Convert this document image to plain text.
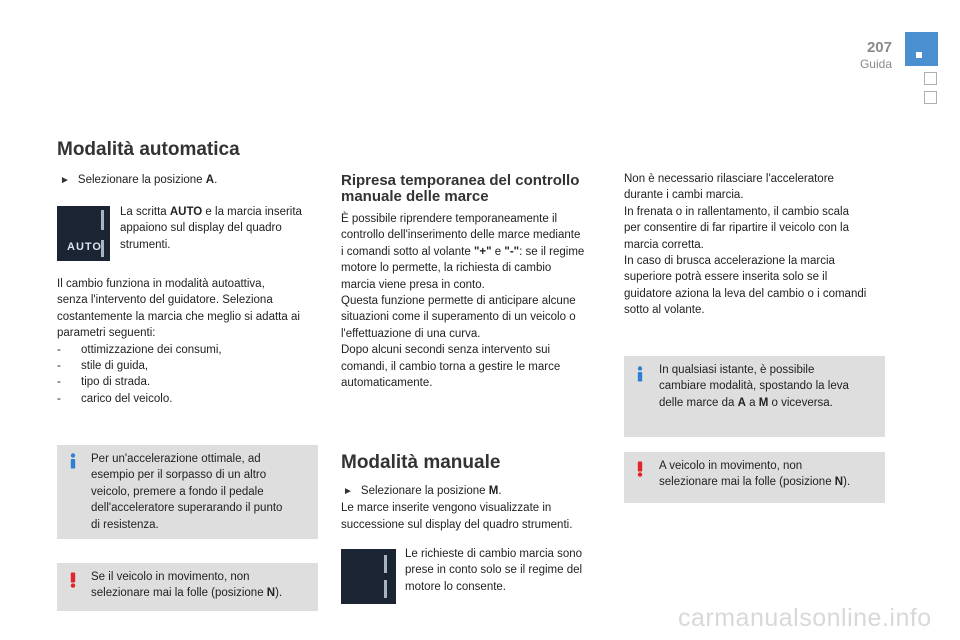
207
Guida
Modalità automatica
► Selezionare la posizione A.
AUTO

La scritta AUTO e la marcia inserita

appaiono sul display del quadro

strumenti.

Il cambio funziona in modalità autoattiva,

senza l'intervento del guidatore. Seleziona

costantemente la marcia che meglio si adatta ai

parametri seguenti:

- ottimizzazione dei consumi,

- stile di guida,

- tipo di strada.

- carico del veicolo.

Per un'accelerazione ottimale, ad

esempio per il sorpasso di un altro

veicolo, premere a fondo il pedale

dell'acceleratore superarando il punto

di resistenza.

Se il veicolo in movimento, non

selezionare mai la folle (posizione N).

Ripresa temporanea del controllo
manuale delle marce

È possibile riprendere temporaneamente il

controllo dell'inserimento delle marce mediante

i comandi sotto al volante "+" e "-": se il regime

motore lo permette, la richiesta di cambio

marcia viene presa in conto.

Questa funzione permette di anticipare alcune

situazioni come il superamento di un veicolo o

l'effettuazione di una curva.

Dopo alcuni secondi senza intervento sui

comandi, il cambio torna a gestire le marce

automaticamente.

Modalità manuale

► Selezionare la posizione M.

Le marce inserite vengono visualizzate in

successione sul display del quadro strumenti.

Le richieste di cambio marcia sono

prese in conto solo se il regime del

motore lo consente.

Non è necessario rilasciare l'acceleratore

durante i cambi marcia.

In frenata o in rallentamento, il cambio scala

per consentire di far ripartire il veicolo con la

marcia corretta.

In caso di brusca accelerazione la marcia

superiore potrà essere inserita solo se il

guidatore aziona la leva del cambio o i comandi

sotto al volante.

In qualsiasi istante, è possibile

cambiare modalità, spostando la leva

delle marce da A a M o viceversa.

A veicolo in movimento, non

selezionare mai la folle (posizione N).

carmanualsonline.info
